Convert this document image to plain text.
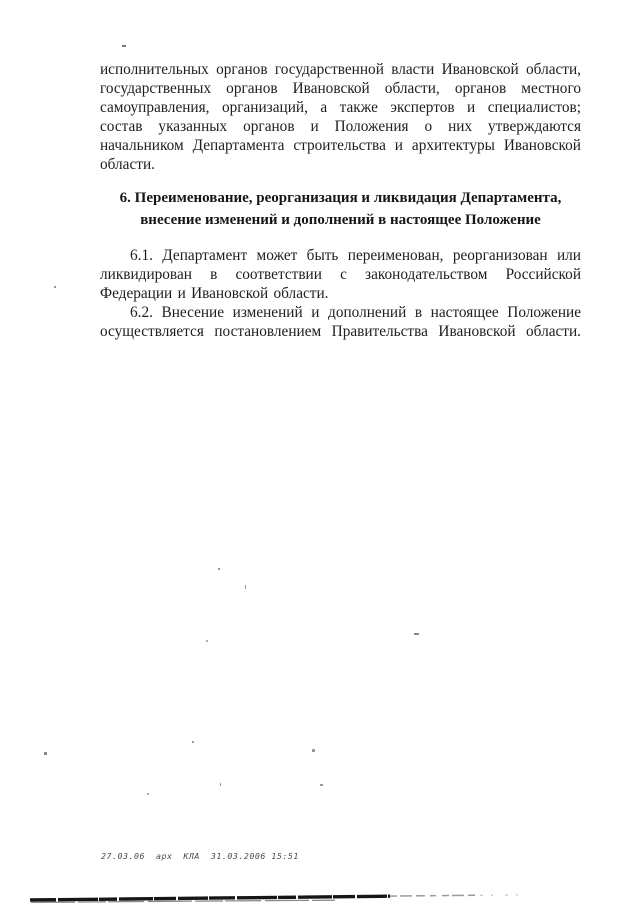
исполнительных органов государственной власти Ивановской области, государственных органов Ивановской области, органов местного самоуправления, организаций, а также экспертов и специалистов; состав указанных органов и Положения о них утверждаются начальником Департамента строительства и архитектуры Ивановской области.

6. Переименование, реорганизация и ликвидация Департамента,
внесение изменений и дополнений в настоящее Положение

6.1. Департамент может быть переименован, реорганизован или ликвидирован в соответствии с законодательством Российской Федерации и Ивановской области.

6.2. Внесение изменений и дополнений в настоящее Положение осуществляется постановлением Правительства Ивановской области.

27.03.06  арх  КЛА  31.03.2006 15:51
